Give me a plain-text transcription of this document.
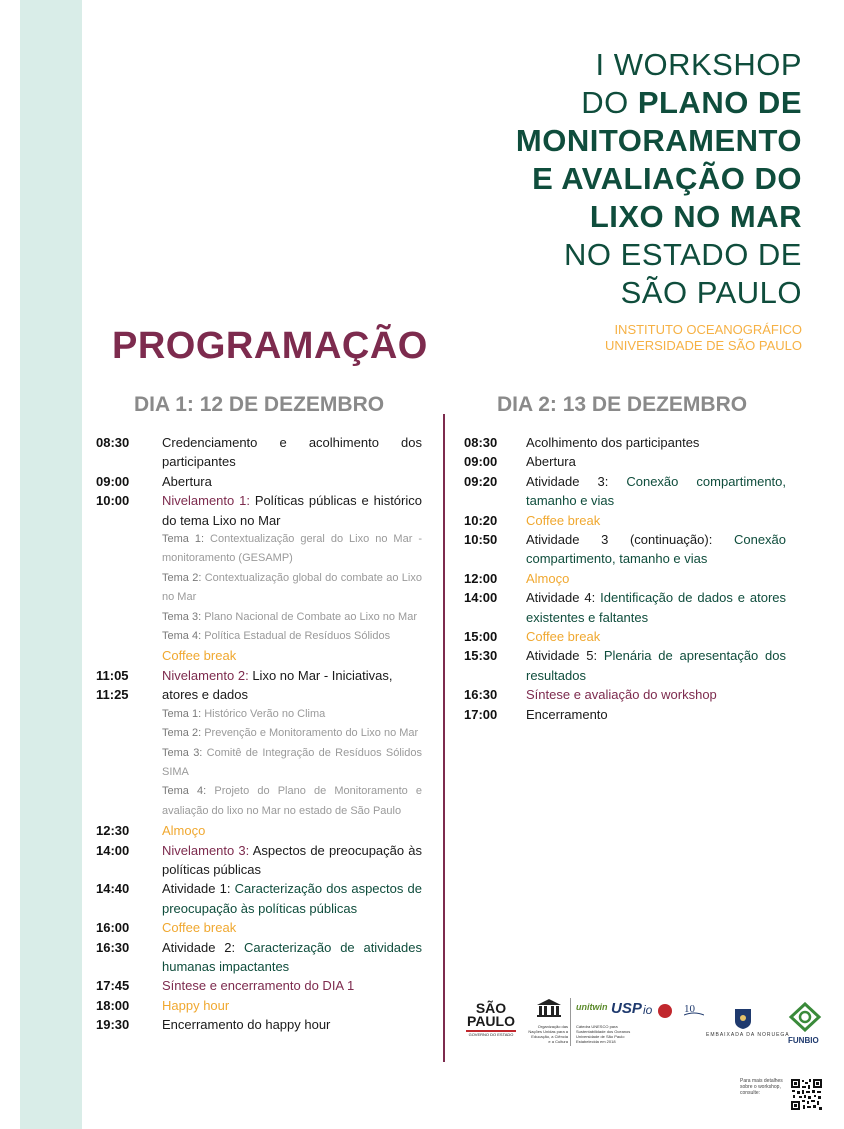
I WORKSHOP
DO PLANO DE
MONITORAMENTO
E AVALIAÇÃO DO
LIXO NO MAR
NO ESTADO DE
SÃO PAULO
INSTITUTO OCEANOGRÁFICO
UNIVERSIDADE DE SÃO PAULO
PROGRAMAÇÃO
DIA 1: 12 DE DEZEMBRO	DIA 2: 13 DE DEZEMBRO
08:30	Credenciamento e acolhimento dos participantes
09:00	Abertura
10:00	Nivelamento 1: Políticas públicas e histórico do tema Lixo no Mar
Tema 1: Contextualização geral do Lixo no Mar - monitoramento (GESAMP)
Tema 2: Contextualização global do combate ao Lixo no Mar
Tema 3: Plano Nacional de Combate ao Lixo no Mar
Tema 4: Política Estadual de Resíduos Sólidos
Coffee break
11:05	Nivelamento 2: Lixo no Mar - Iniciativas,
11:25	atores e dados
Tema 1: Histórico Verão no Clima
Tema 2: Prevenção e Monitoramento do Lixo no Mar
Tema 3: Comitê de Integração de Resíduos Sólidos SIMA
Tema 4: Projeto do Plano de Monitoramento e avaliação do lixo no Mar no estado de São Paulo
12:30	Almoço
14:00	Nivelamento 3: Aspectos de preocupação às políticas públicas
14:40	Atividade 1: Caracterização dos aspectos de preocupação às políticas públicas
16:00	Coffee break
16:30	Atividade 2: Caracterização de atividades humanas impactantes
17:45	Síntese e encerramento do DIA 1
18:00	Happy hour
19:30	Encerramento do happy hour
08:30	Acolhimento dos participantes
09:00	Abertura
09:20	Atividade 3: Conexão compartimento, tamanho e vias
10:20	Coffee break
10:50	Atividade 3 (continuação): Conexão compartimento, tamanho e vias
12:00	Almoço
14:00	Atividade 4: Identificação de dados e atores existentes e faltantes
15:00	Coffee break
15:30	Atividade 5: Plenária de apresentação dos resultados
16:30	Síntese e avaliação do workshop
17:00	Encerramento
SÃO
PAULO
GOVERNO DO ESTADO
Organização das Nações Unidas para a Educação, a Ciência e a Cultura
unitwin
Cátedra UNESCO para Sustentabilidade dos Oceanos Universidade de São Paulo Estabelecida em 2018
USP io	10
EMBAIXADA DA NORUEGA
FUNBIO
Para mais detalhes sobre o workshop, consulte:
